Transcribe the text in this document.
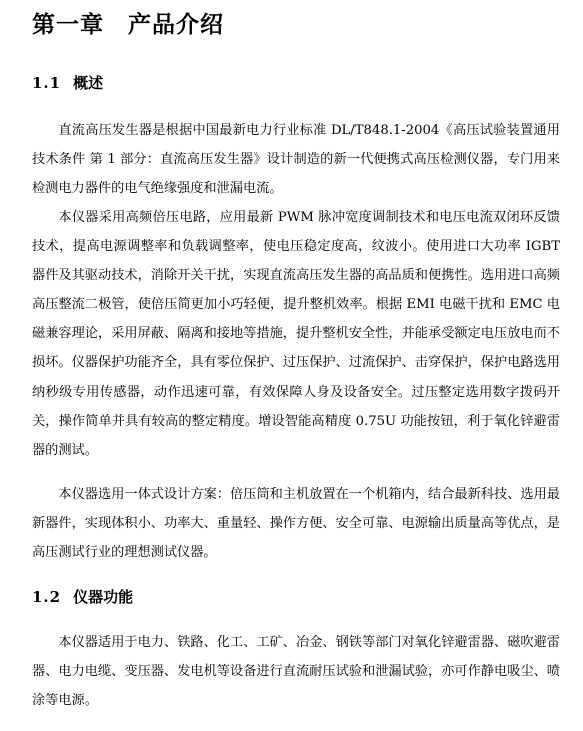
第一章 产品介绍
1.1 概述

直流高压发生器是根据中国最新电力行业标准 DL/T848.1-2004《高压试验装置通用技术条件 第 1 部分：直流高压发生器》设计制造的新一代便携式高压检测仪器，专门用来检测电力器件的电气绝缘强度和泄漏电流。

本仪器采用高频倍压电路，应用最新 PWM 脉冲宽度调制技术和电压电流双闭环反馈技术，提高电源调整率和负载调整率，使电压稳定度高，纹波小。使用进口大功率 IGBT 器件及其驱动技术，消除开关干扰，实现直流高压发生器的高品质和便携性。选用进口高频高压整流二极管，使倍压简更加小巧轻便，提升整机效率。根据 EMI 电磁干扰和 EMC 电磁兼容理论，采用屏蔽、隔离和接地等措施，提升整机安全性，并能承受额定电压放电而不损坏。仪器保护功能齐全，具有零位保护、过压保护、过流保护、击穿保护，保护电路选用纳秒级专用传感器，动作迅速可靠，有效保障人身及设备安全。过压整定选用数字拨码开关，操作简单并具有较高的整定精度。增设智能高精度 0.75U 功能按钮，利于氧化锌避雷器的测试。

本仪器选用一体式设计方案：倍压筒和主机放置在一个机箱内，结合最新科技、选用最新器件，实现体积小、功率大、重量轻、操作方便、安全可靠、电源输出质量高等优点，是高压测试行业的理想测试仪器。

1.2 仪器功能

本仪器适用于电力、铁路、化工、工矿、冶金、钢铁等部门对氧化锌避雷器、磁吹避雷器、电力电缆、变压器、发电机等设备进行直流耐压试验和泄漏试验，亦可作静电吸尘、喷涂等电源。
